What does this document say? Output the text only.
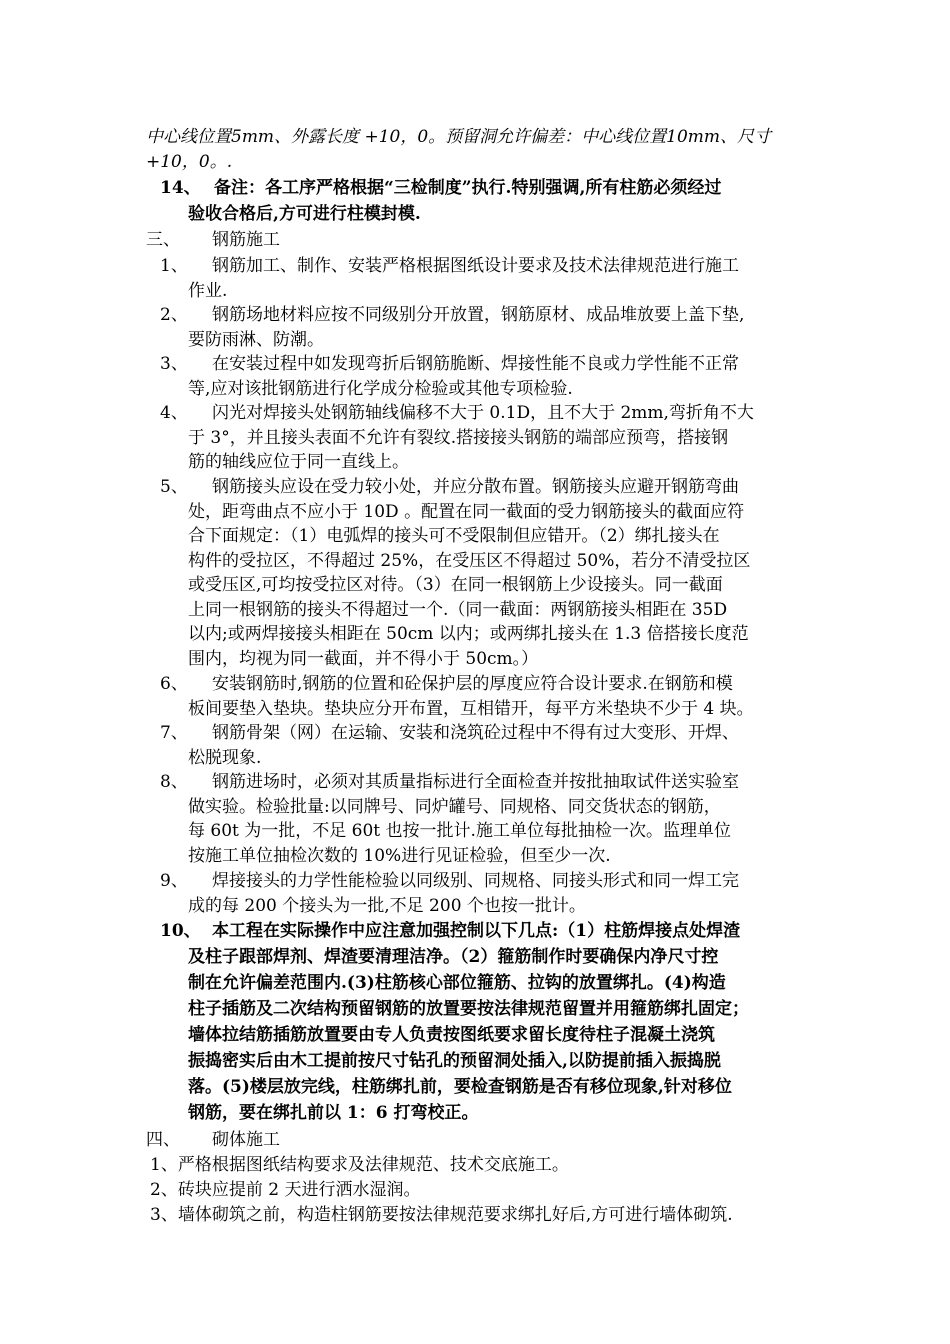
中心线位置5mm、外露长度 +10，0。预留洞允许偏差：中心线位置10mm、尺寸
+10，0。.
14、 备注：各工序严格根据“三检制度”执行.特别强调,所有柱筋必须经过
验收合格后,方可进行柱模封模.
三、 钢筋施工
1、 钢筋加工、制作、安装严格根据图纸设计要求及技术法律规范进行施工
作业.
2、 钢筋场地材料应按不同级别分开放置，钢筋原材、成品堆放要上盖下垫,
要防雨淋、防潮。
3、 在安装过程中如发现弯折后钢筋脆断、焊接性能不良或力学性能不正常
等,应对该批钢筋进行化学成分检验或其他专项检验.
4、 闪光对焊接头处钢筋轴线偏移不大于 0.1D，且不大于 2mm,弯折角不大
于 3°，并且接头表面不允许有裂纹.搭接接头钢筋的端部应预弯，搭接钢
筋的轴线应位于同一直线上。
5、 钢筋接头应设在受力较小处，并应分散布置。钢筋接头应避开钢筋弯曲
处，距弯曲点不应小于 10D 。配置在同一截面的受力钢筋接头的截面应符
合下面规定：（1）电弧焊的接头可不受限制但应错开。（2）绑扎接头在
构件的受拉区，不得超过 25%，在受压区不得超过 50%，若分不清受拉区
或受压区,可均按受拉区对待。（3）在同一根钢筋上少设接头。同一截面
上同一根钢筋的接头不得超过一个.（同一截面：两钢筋接头相距在 35D
以内;或两焊接接头相距在 50cm 以内；或两绑扎接头在 1.3 倍搭接长度范
围内，均视为同一截面，并不得小于 50cm。）
6、 安装钢筋时,钢筋的位置和砼保护层的厚度应符合设计要求.在钢筋和模
板间要垫入垫块。垫块应分开布置，互相错开，每平方米垫块不少于 4 块。
7、 钢筋骨架（网）在运输、安装和浇筑砼过程中不得有过大变形、开焊、
松脱现象.
8、 钢筋进场时，必须对其质量指标进行全面检查并按批抽取试件送实验室
做实验。检验批量:以同牌号、同炉罐号、同规格、同交货状态的钢筋，
每 60t 为一批，不足 60t 也按一批计.施工单位每批抽检一次。监理单位
按施工单位抽检次数的 10%进行见证检验，但至少一次.
9、 焊接接头的力学性能检验以同级别、同规格、同接头形式和同一焊工完
成的每 200 个接头为一批,不足 200 个也按一批计。
10、 本工程在实际操作中应注意加强控制以下几点:（1）柱筋焊接点处焊渣
及柱子跟部焊剂、焊渣要清理洁净。（2）箍筋制作时要确保内净尺寸控
制在允许偏差范围内.(3)柱筋核心部位箍筋、拉钩的放置绑扎。(4)构造
柱子插筋及二次结构预留钢筋的放置要按法律规范留置并用箍筋绑扎固定；
墙体拉结筋插筋放置要由专人负责按图纸要求留长度待柱子混凝土浇筑
振捣密实后由木工提前按尺寸钻孔的预留洞处插入,以防提前插入振捣脱
落。(5)楼层放完线，柱筋绑扎前，要检查钢筋是否有移位现象,针对移位
钢筋，要在绑扎前以 1：6 打弯校正。
四、 砌体施工
1、严格根据图纸结构要求及法律规范、技术交底施工。
2、砖块应提前 2 天进行洒水湿润。
3、墙体砌筑之前，构造柱钢筋要按法律规范要求绑扎好后,方可进行墙体砌筑.
